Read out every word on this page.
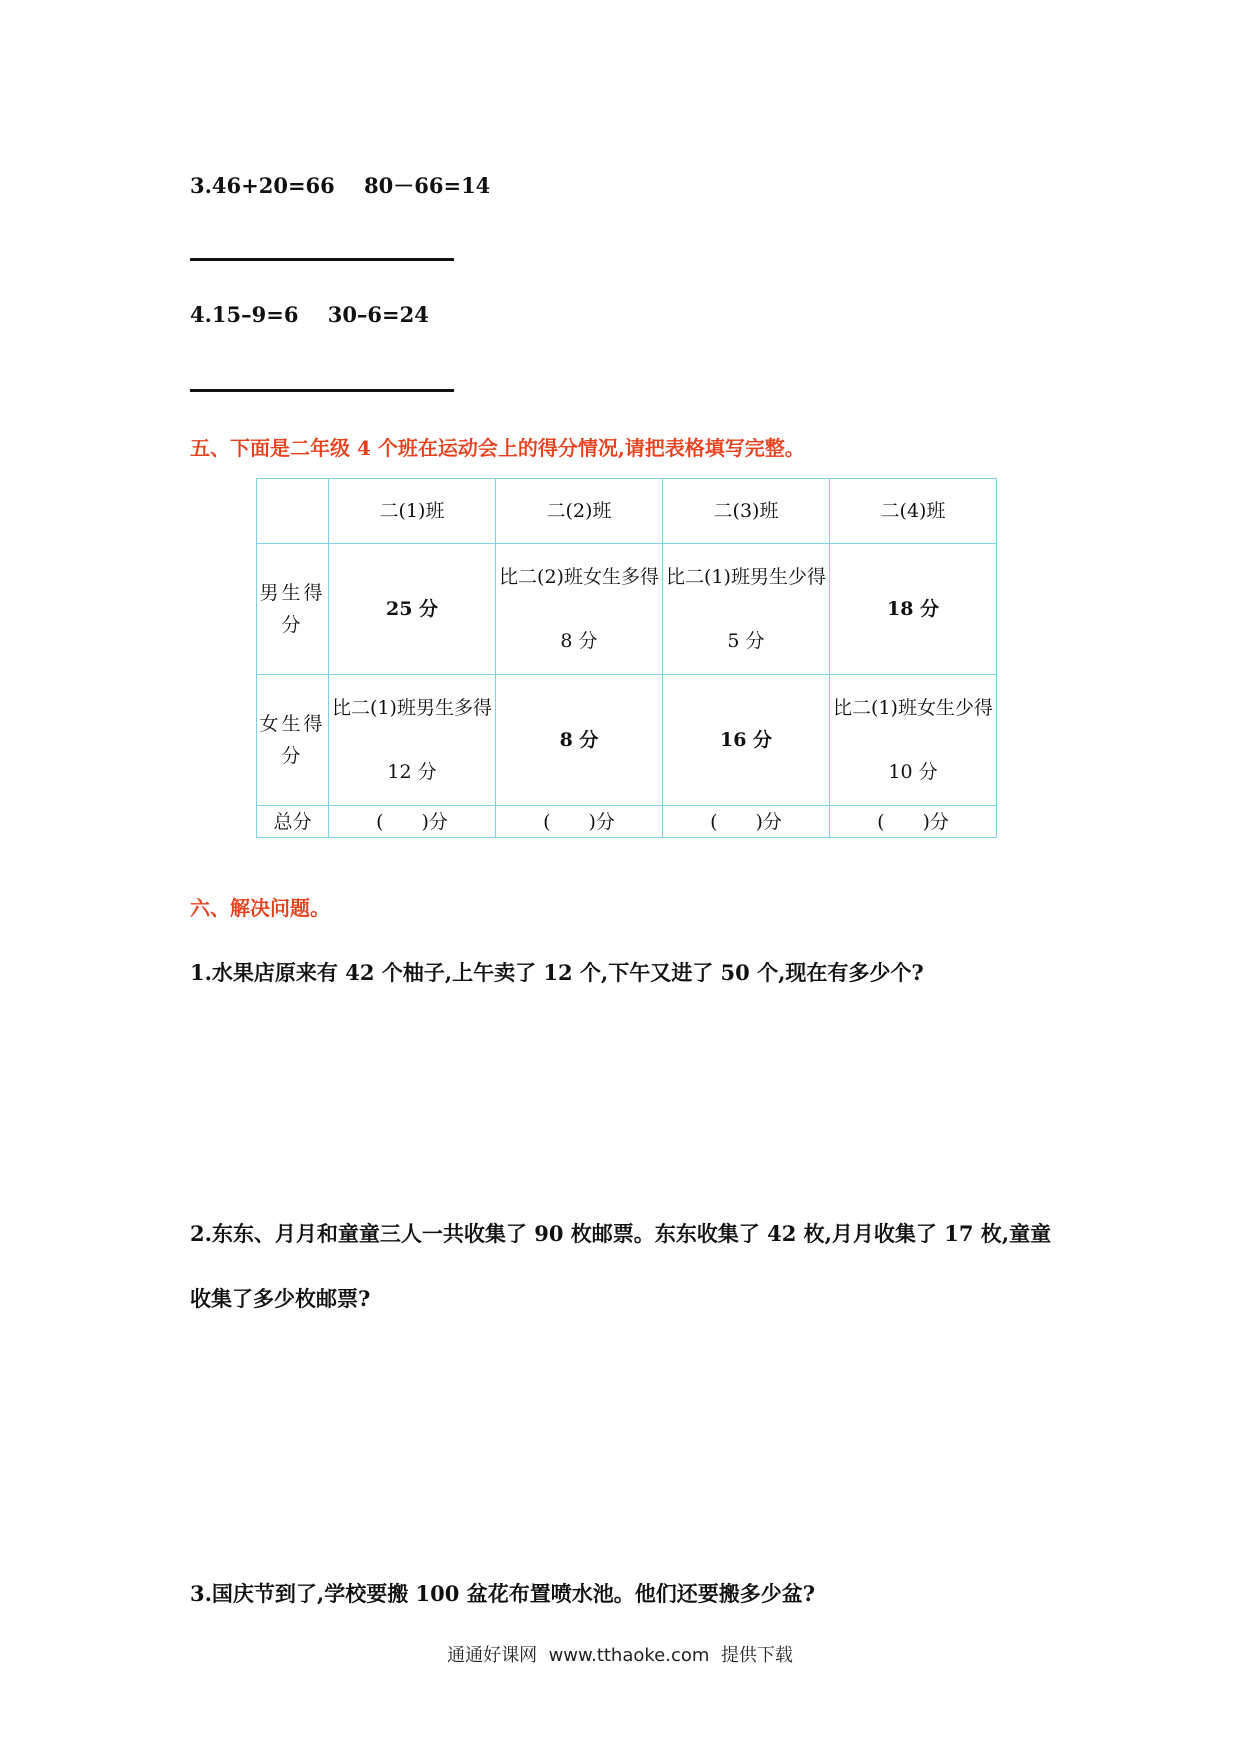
3.46+20=66    80－66=14
4.15–9=6    30–6=24
五、下面是二年级 4 个班在运动会上的得分情况,请把表格填写完整。
	二(1)班	二(2)班	二(3)班	二(4)班
男生得分	25 分	比二(2)班女生多得 8 分	比二(1)班男生少得 5 分	18 分
女生得分	比二(1)班男生多得 12 分	8 分	16 分	比二(1)班女生少得 10 分
总分	(　　)分	(　　)分	(　　)分	(　　)分
六、解决问题。
1.水果店原来有 42 个柚子,上午卖了 12 个,下午又进了 50 个,现在有多少个?
2.东东、月月和童童三人一共收集了 90 枚邮票。东东收集了 42 枚,月月收集了 17 枚,童童
收集了多少枚邮票?
3.国庆节到了,学校要搬 100 盆花布置喷水池。他们还要搬多少盆?
通通好课网  www.tthaoke.com  提供下载
